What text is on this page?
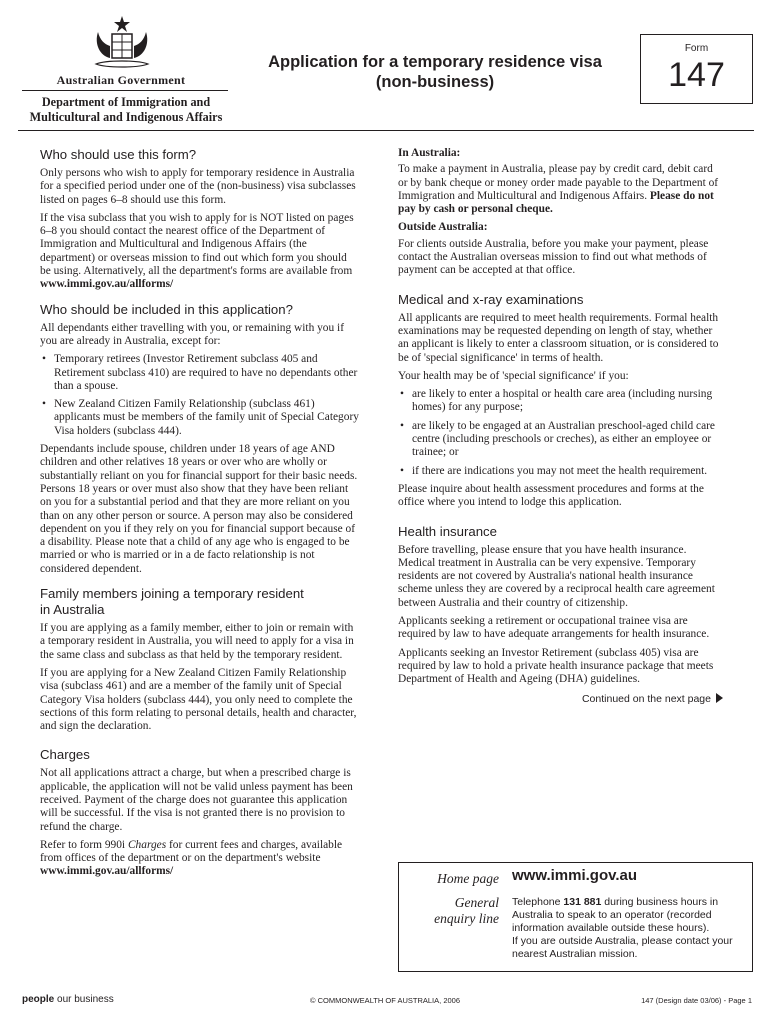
Australian Government
Department of Immigration and
Multicultural and Indigenous Affairs
Application for a temporary residence visa
(non-business)
Form
147
Who should use this form?

Only persons who wish to apply for temporary residence in Australia for a specified period under one of the (non-business) visa subclasses listed on pages 6–8 should use this form.

If the visa subclass that you wish to apply for is NOT listed on pages 6–8 you should contact the nearest office of the Department of Immigration and Multicultural and Indigenous Affairs (the department) or overseas mission to find out which form you should be using. Alternatively, all the department's forms are available from www.immi.gov.au/allforms/

Who should be included in this application?

All dependants either travelling with you, or remaining with you if you are already in Australia, except for:

• Temporary retirees (Investor Retirement subclass 405 and Retirement subclass 410) are required to have no dependants other than a spouse.
• New Zealand Citizen Family Relationship (subclass 461) applicants must be members of the family unit of Special Category Visa holders (subclass 444).

Dependants include spouse, children under 18 years of age AND children and other relatives 18 years or over who are wholly or substantially reliant on you for financial support for their basic needs. Persons 18 years or over must also show that they have been reliant on you for a substantial period and that they are more reliant on you than on any other person or source. A person may also be considered dependent on you if they rely on you for financial support because of a disability. Please note that a child of any age who is engaged to be married or who is married or in a de facto relationship is not considered dependent.

Family members joining a temporary resident
in Australia

If you are applying as a family member, either to join or remain with a temporary resident in Australia, you will need to apply for a visa in the same class and subclass as that held by the temporary resident.

If you are applying for a New Zealand Citizen Family Relationship visa (subclass 461) and are a member of the family unit of Special Category Visa holders (subclass 444), you only need to complete the sections of this form relating to personal details, health and character, and sign the declaration.

Charges

Not all applications attract a charge, but when a prescribed charge is applicable, the application will not be valid unless payment has been received. Payment of the charge does not guarantee this application will be successful. If the visa is not granted there is no provision to refund the charge.

Refer to form 990i Charges for current fees and charges, available from offices of the department or on the department's website www.immi.gov.au/allforms/

In Australia:

To make a payment in Australia, please pay by credit card, debit card or by bank cheque or money order made payable to the Department of Immigration and Multicultural and Indigenous Affairs. Please do not pay by cash or personal cheque.

Outside Australia:

For clients outside Australia, before you make your payment, please contact the Australian overseas mission to find out what methods of payment can be accepted at that office.

Medical and x-ray examinations

All applicants are required to meet health requirements. Formal health examinations may be requested depending on length of stay, whether an applicant is likely to enter a classroom situation, or is considered to be of 'special significance' in terms of health.

Your health may be of 'special significance' if you:

• are likely to enter a hospital or health care area (including nursing homes) for any purpose;
• are likely to be engaged at an Australian preschool-aged child care centre (including preschools or creches), as either an employee or trainee; or
• if there are indications you may not meet the health requirement.

Please inquire about health assessment procedures and forms at the office where you intend to lodge this application.

Health insurance

Before travelling, please ensure that you have health insurance. Medical treatment in Australia can be very expensive. Temporary residents are not covered by Australia's national health insurance scheme unless they are covered by a reciprocal health care agreement between Australia and their country of citizenship.

Applicants seeking a retirement or occupational trainee visa are required by law to have adequate arrangements for health insurance.

Applicants seeking an Investor Retirement (subclass 405) visa are required by law to hold a private health insurance package that meets Department of Health and Ageing (DHA) guidelines.

Continued on the next page
Home page www.immi.gov.au
General
enquiry line
Telephone 131 881 during business hours in Australia to speak to an operator (recorded information available outside these hours).
If you are outside Australia, please contact your nearest Australian mission.
people our business	© COMMONWEALTH OF AUSTRALIA, 2006	147 (Design date 03/06) - Page 1
